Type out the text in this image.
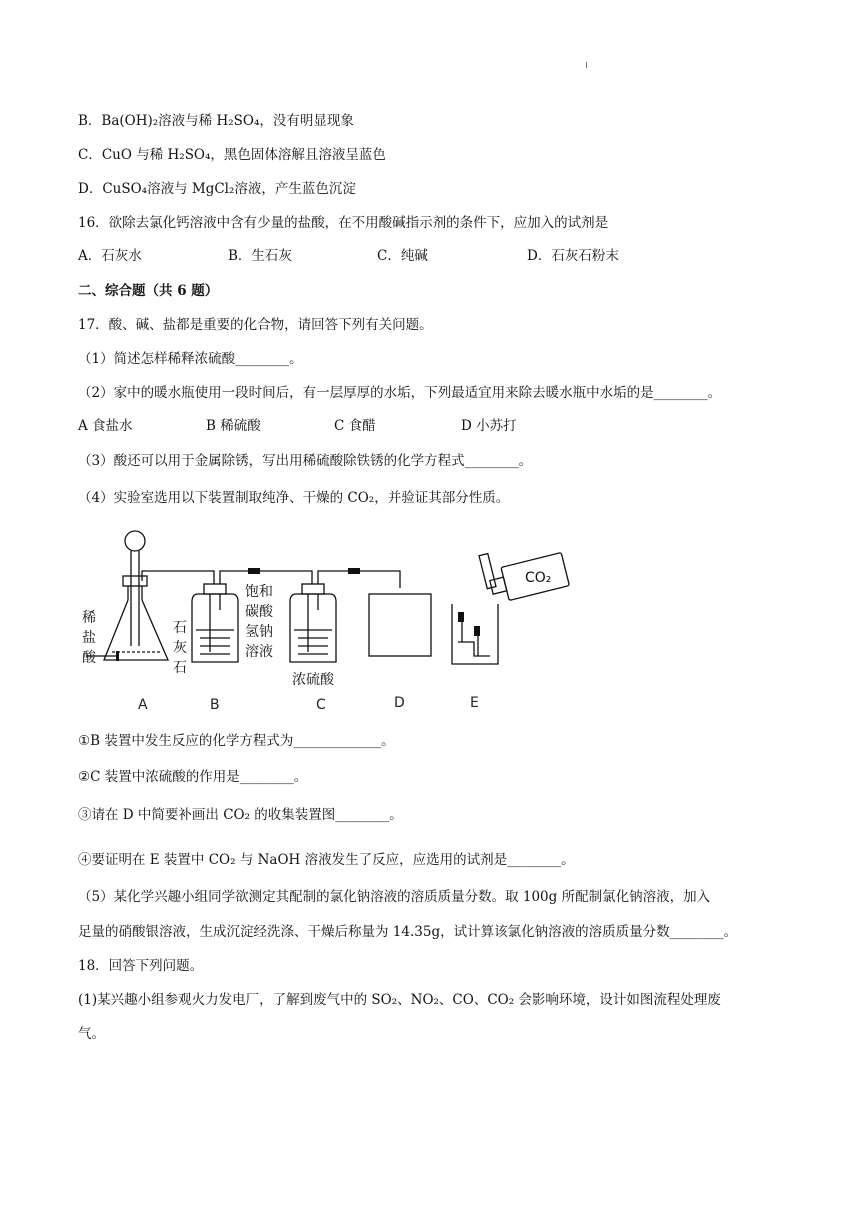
B．Ba(OH)₂溶液与稀 H₂SO₄，没有明显现象
C．CuO 与稀 H₂SO₄，黑色固体溶解且溶液呈蓝色
D．CuSO₄溶液与 MgCl₂溶液，产生蓝色沉淀
16．欲除去氯化钙溶液中含有少量的盐酸，在不用酸碱指示剂的条件下，应加入的试剂是
A．石灰水	B．生石灰	C．纯碱	D．石灰石粉末
二、综合题（共 6 题）
17．酸、碱、盐都是重要的化合物，请回答下列有关问题。
（1）简述怎样稀释浓硫酸________。
（2）家中的暖水瓶使用一段时间后，有一层厚厚的水垢，下列最适宜用来除去暖水瓶中水垢的是________。
A 食盐水	B 稀硫酸	C 食醋	D 小苏打
（3）酸还可以用于金属除锈，写出用稀硫酸除铁锈的化学方程式________。
（4）实验室选用以下装置制取纯净、干燥的 CO₂，并验证其部分性质。
稀
盐
酸
石
灰
石
饱和
碳酸
氢钠
溶液
浓硫酸
CO₂
A	B	C	D	E
①B 装置中发生反应的化学方程式为_____________。
②C 装置中浓硫酸的作用是________。
③请在 D 中简要补画出 CO₂ 的收集装置图________。
④要证明在 E 装置中 CO₂ 与 NaOH 溶液发生了反应，应选用的试剂是________。
（5）某化学兴趣小组同学欲测定其配制的氯化钠溶液的溶质质量分数。取 100g 所配制氯化钠溶液，加入
足量的硝酸银溶液，生成沉淀经洗涤、干燥后称量为 14.35g，试计算该氯化钠溶液的溶质质量分数________。
18．回答下列问题。
(1)某兴趣小组参观火力发电厂，了解到废气中的 SO₂、NO₂、CO、CO₂ 会影响环境，设计如图流程处理废
气。
